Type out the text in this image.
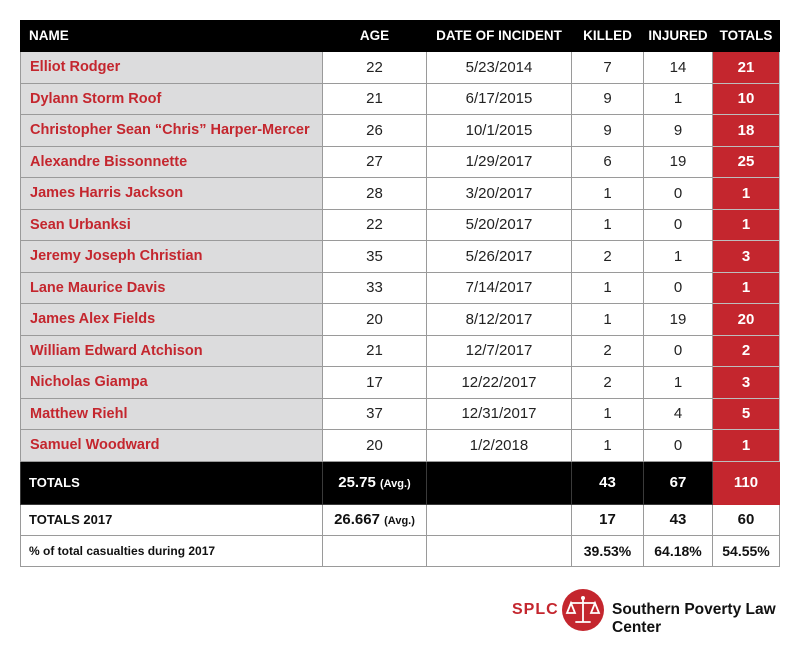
NAME	AGE	DATE OF INCIDENT	KILLED	INJURED	TOTALS
Elliot Rodger	22	5/23/2014	7	14	21
Dylann Storm Roof	21	6/17/2015	9	1	10
Christopher Sean “Chris” Harper-Mercer	26	10/1/2015	9	9	18
Alexandre Bissonnette	27	1/29/2017	6	19	25
James Harris Jackson	28	3/20/2017	1	0	1
Sean Urbanksi	22	5/20/2017	1	0	1
Jeremy Joseph Christian	35	5/26/2017	2	1	3
Lane Maurice Davis	33	7/14/2017	1	0	1
James Alex Fields	20	8/12/2017	1	19	20
William Edward Atchison	21	12/7/2017	2	0	2
Nicholas Giampa	17	12/22/2017	2	1	3
Matthew Riehl	37	12/31/2017	1	4	5
Samuel Woodward	20	1/2/2018	1	0	1
TOTALS	25.75 (Avg.)		43	67	110
TOTALS 2017	26.667 (Avg.)		17	43	60
% of total casualties during 2017			39.53%	64.18%	54.55%
SPLC	Southern Poverty Law Center
